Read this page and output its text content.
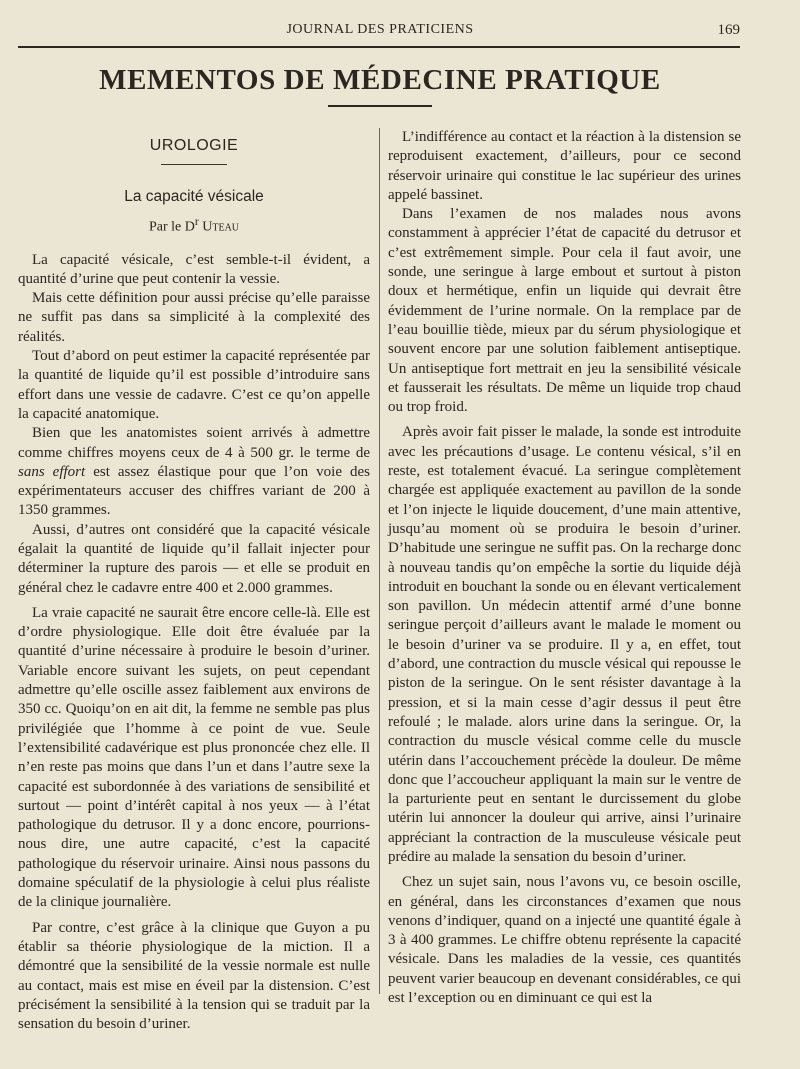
JOURNAL DES PRATICIENS	169
MEMENTOS DE MÉDECINE PRATIQUE
UROLOGIE
La capacité vésicale
Par le $D^r$ Uteau

La capacité vésicale, c’est semble-t-il évident, a quantité d’urine que peut contenir la vessie.

Mais cette définition pour aussi précise qu’elle paraisse ne suffit pas dans sa simplicité à la complexité des réalités.

Tout d’abord on peut estimer la capacité représentée par la quantité de liquide qu’il est possible d’introduire sans effort dans une vessie de cadavre. C’est ce qu’on appelle la capacité anatomique.

Bien que les anatomistes soient arrivés à admettre comme chiffres moyens ceux de 4 à 500 gr. le terme de sans effort est assez élastique pour que l’on voie des expérimentateurs accuser des chiffres variant de 200 à 1350 grammes.

Aussi, d’autres ont considéré que la capacité vésicale égalait la quantité de liquide qu’il fallait injecter pour déterminer la rupture des parois — et elle se produit en général chez le cadavre entre 400 et 2.000 grammes.

La vraie capacité ne saurait être encore celle-là. Elle est d’ordre physiologique. Elle doit être évaluée par la quantité d’urine nécessaire à produire le besoin d’uriner. Variable encore suivant les sujets, on peut cependant admettre qu’elle oscille assez faiblement aux environs de 350 cc. Quoiqu’on en ait dit, la femme ne semble pas plus privilégiée que l’homme à ce point de vue. Seule l’extensibilité cadavérique est plus prononcée chez elle. Il n’en reste pas moins que dans l’un et dans l’autre sexe la capacité est subordonnée à des variations de sensibilité et surtout — point d’intérêt capital à nos yeux — à l’état pathologique du detrusor. Il y a donc encore, pourrions-nous dire, une autre capacité, c’est la capacité pathologique du réservoir urinaire. Ainsi nous passons du domaine spéculatif de la physiologie à celui plus réaliste de la clinique journalière.

Par contre, c’est grâce à la clinique que Guyon a pu établir sa théorie physiologique de la miction. Il a démontré que la sensibilité de la vessie normale est nulle au contact, mais est mise en éveil par la distension. C’est précisément la sensibilité à la tension qui se traduit par la sensation du besoin d’uriner.

L’indifférence au contact et la réaction à la distension se reproduisent exactement, d’ailleurs, pour ce second réservoir urinaire qui constitue le lac supérieur des urines appelé bassinet.

Dans l’examen de nos malades nous avons constamment à apprécier l’état de capacité du detrusor et c’est extrêmement simple. Pour cela il faut avoir, une sonde, une seringue à large embout et surtout à piston doux et hermétique, enfin un liquide qui devrait être évidemment de l’urine normale. On la remplace par de l’eau bouillie tiède, mieux par du sérum physiologique et souvent encore par une solution faiblement antiseptique. Un antiseptique fort mettrait en jeu la sensibilité vésicale et fausserait les résultats. De même un liquide trop chaud ou trop froid.

Après avoir fait pisser le malade, la sonde est introduite avec les précautions d’usage. Le contenu vésical, s’il en reste, est totalement évacué. La seringue complètement chargée est appliquée exactement au pavillon de la sonde et l’on injecte le liquide doucement, d’une main attentive, jusqu’au moment où se produira le besoin d’uriner. D’habitude une seringue ne suffit pas. On la recharge donc à nouveau tandis qu’on empêche la sortie du liquide déjà introduit en bouchant la sonde ou en élevant verticalement son pavillon. Un médecin attentif armé d’une bonne seringue perçoit d’ailleurs avant le malade le moment ou le besoin d’uriner va se produire. Il y a, en effet, tout d’abord, une contraction du muscle vésical qui repousse le piston de la seringue. On le sent résister davantage à la pression, et si la main cesse d’agir dessus il peut être refoulé ; le malade. alors urine dans la seringue. Or, la contraction du muscle vésical comme celle du muscle utérin dans l’accouchement précède la douleur. De même donc que l’accoucheur appliquant la main sur le ventre de la parturiente peut en sentant le durcissement du globe utérin lui annoncer la douleur qui arrive, ainsi l’urinaire appréciant la contraction de la musculeuse vésicale peut prédire au malade la sensation du besoin d’uriner.

Chez un sujet sain, nous l’avons vu, ce besoin oscille, en général, dans les circonstances d’examen que nous venons d’indiquer, quand on a injecté une quantité égale à 3 à 400 grammes. Le chiffre obtenu représente la capacité vésicale. Dans les maladies de la vessie, ces quantités peuvent varier beaucoup en devenant considérables, ce qui est l’exception ou en diminuant ce qui est la
